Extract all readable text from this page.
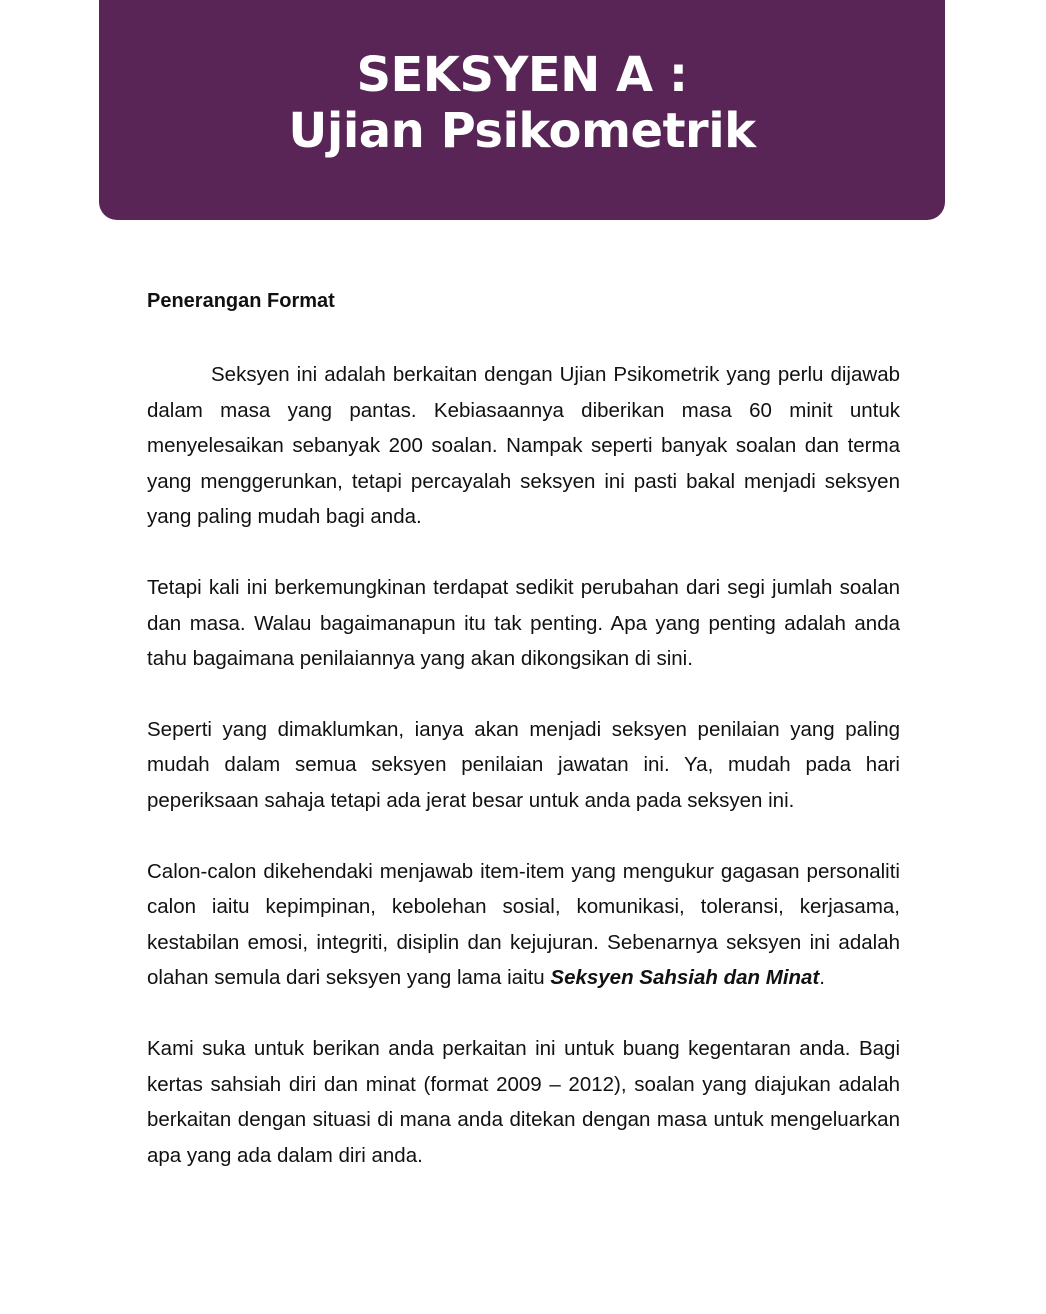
SEKSYEN A :
Ujian Psikometrik
Penerangan Format

Seksyen ini adalah berkaitan dengan Ujian Psikometrik yang perlu dijawab dalam masa yang pantas. Kebiasaannya diberikan masa 60 minit untuk menyelesaikan sebanyak 200 soalan. Nampak seperti banyak soalan dan terma yang menggerunkan, tetapi percayalah seksyen ini pasti bakal menjadi seksyen yang paling mudah bagi anda.

Tetapi kali ini berkemungkinan terdapat sedikit perubahan dari segi jumlah soalan dan masa. Walau bagaimanapun itu tak penting. Apa yang penting adalah anda tahu bagaimana penilaiannya yang akan dikongsikan di sini.

Seperti yang dimaklumkan, ianya akan menjadi seksyen penilaian yang paling mudah dalam semua seksyen penilaian jawatan ini. Ya, mudah pada hari peperiksaan sahaja tetapi ada jerat besar untuk anda pada seksyen ini.

Calon-calon dikehendaki menjawab item-item yang mengukur gagasan personaliti calon iaitu kepimpinan, kebolehan sosial, komunikasi, toleransi, kerjasama, kestabilan emosi, integriti, disiplin dan kejujuran. Sebenarnya seksyen ini adalah olahan semula dari seksyen yang lama iaitu Seksyen Sahsiah dan Minat.

Kami suka untuk berikan anda perkaitan ini untuk buang kegentaran anda. Bagi kertas sahsiah diri dan minat (format 2009 – 2012), soalan yang diajukan adalah berkaitan dengan situasi di mana anda ditekan dengan masa untuk mengeluarkan apa yang ada dalam diri anda.
